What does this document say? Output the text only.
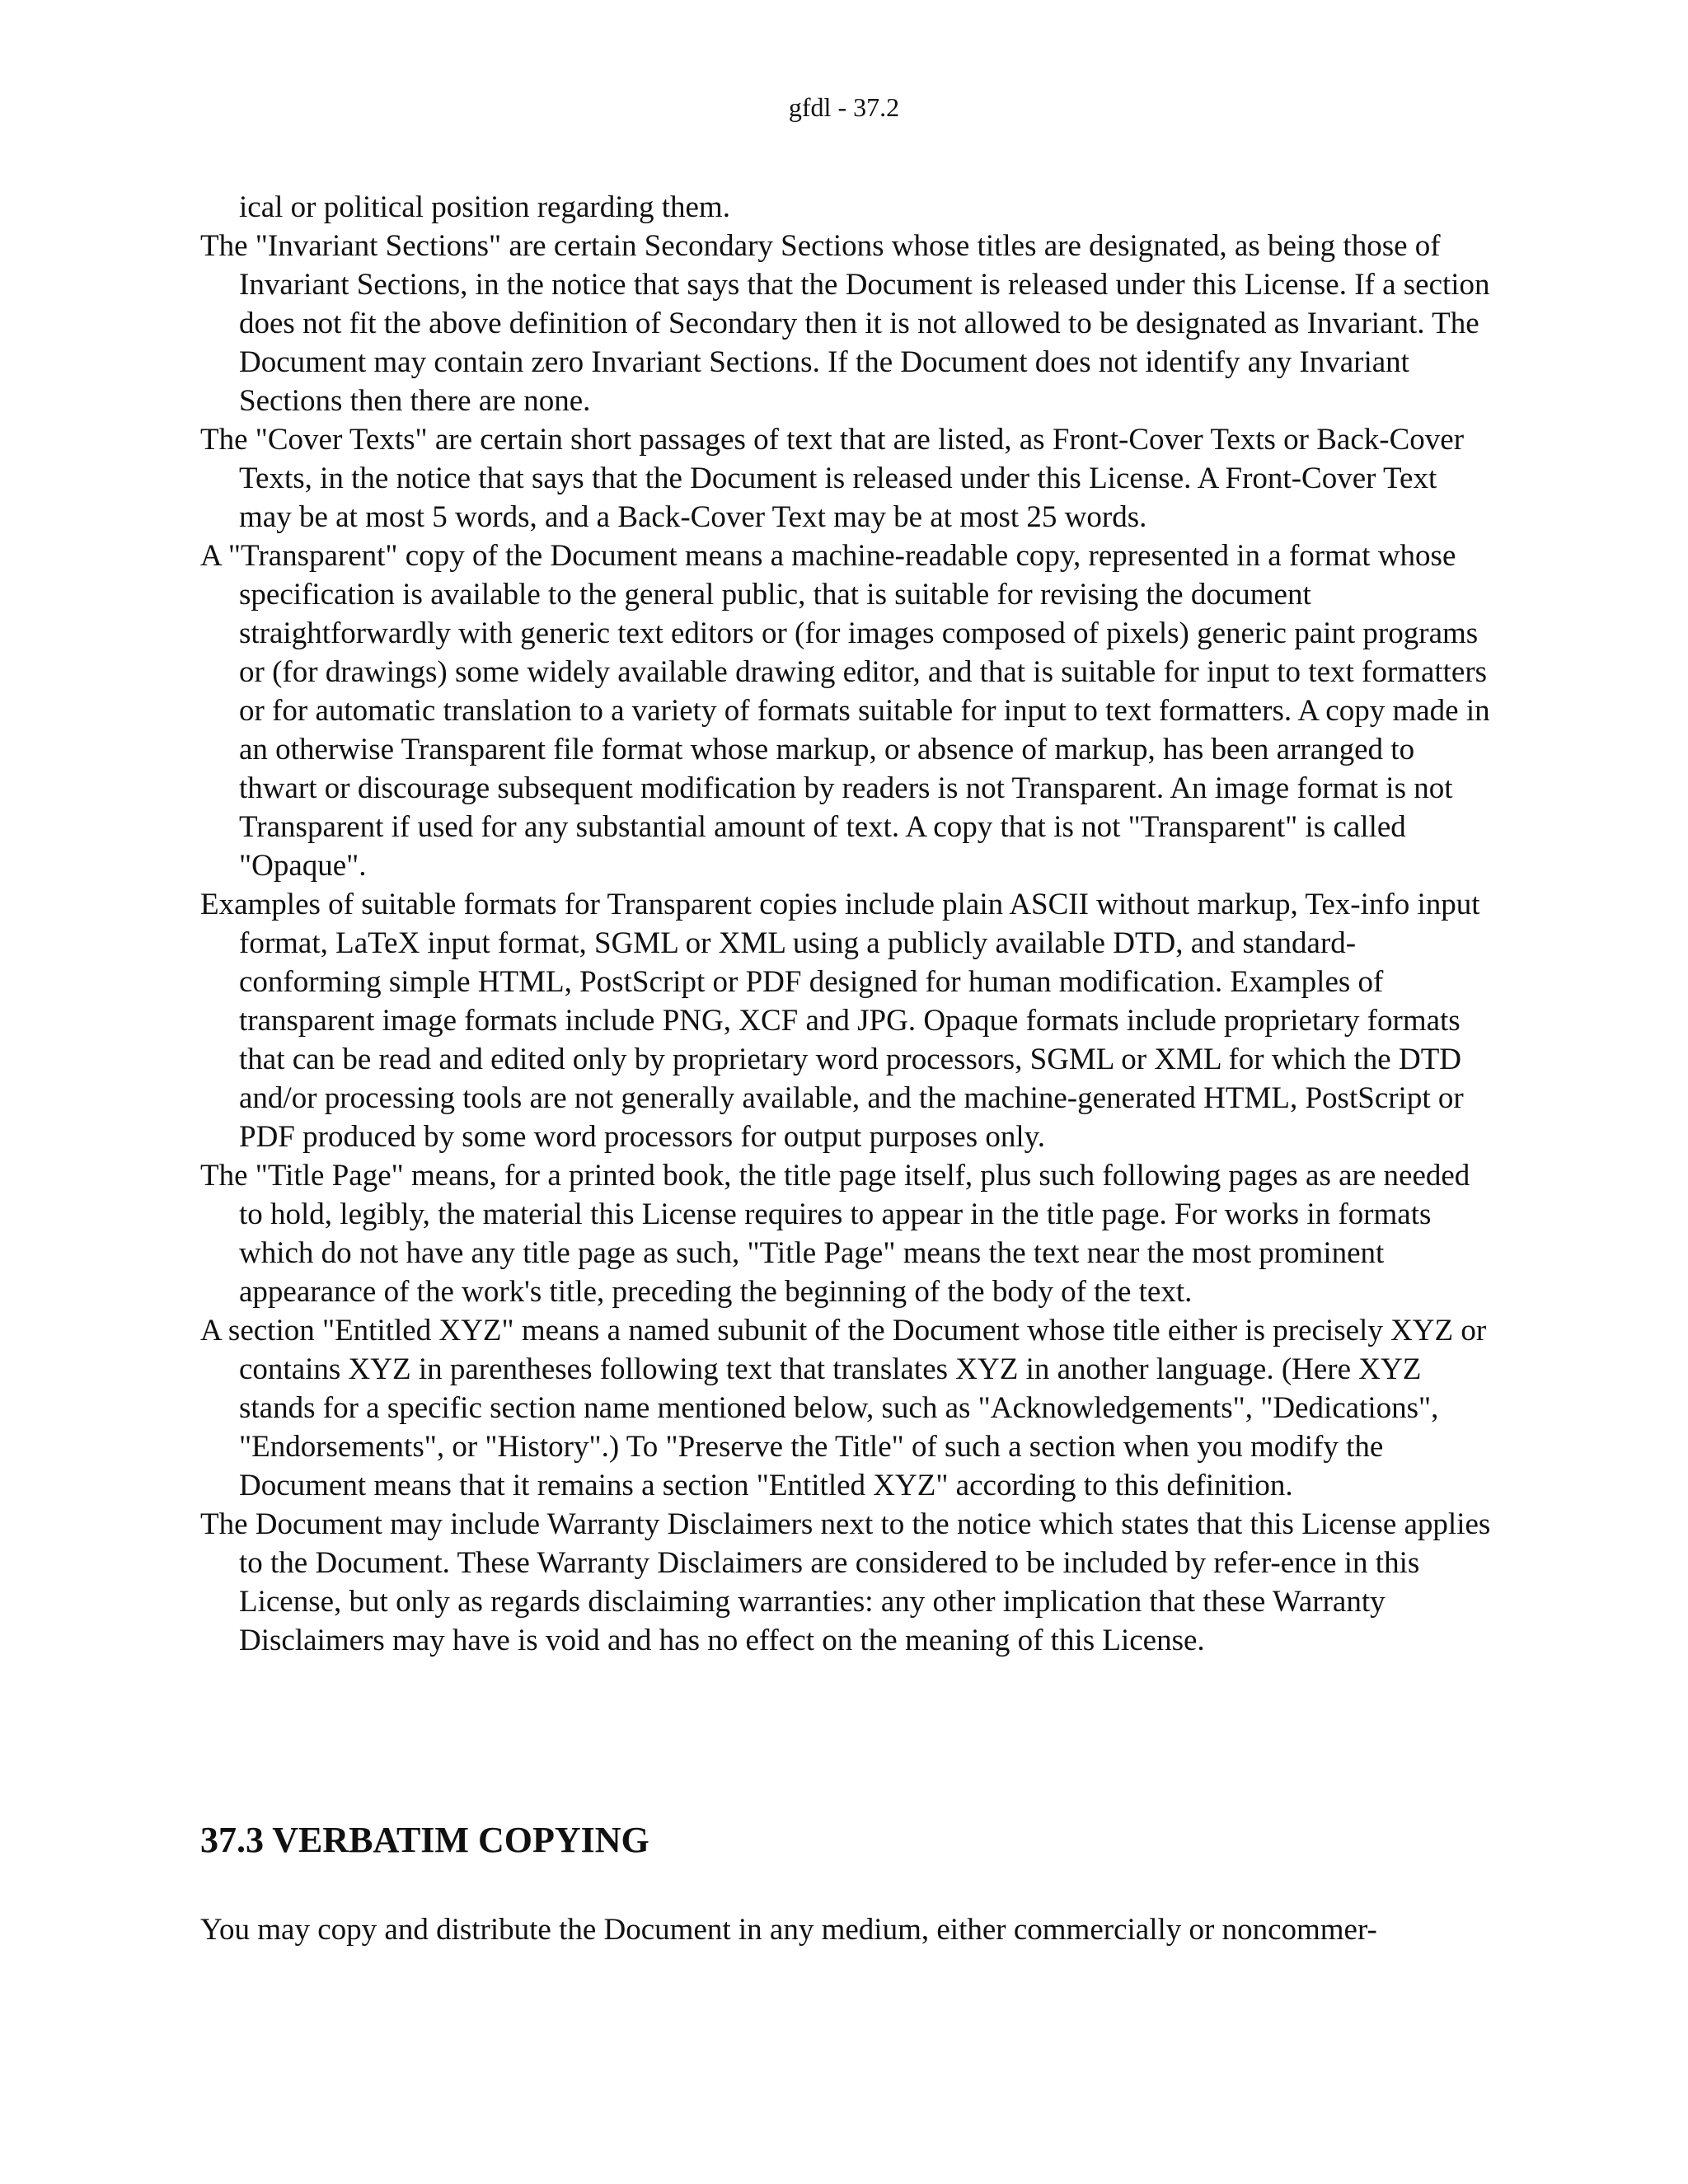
gfdl - 37.2

ical or political position regarding them.

The "Invariant Sections" are certain Secondary Sections whose titles are designated, as being those of Invariant Sections, in the notice that says that the Document is released under this License. If a section does not fit the above definition of Secondary then it is not allowed to be designated as Invariant. The Document may contain zero Invariant Sections. If the Document does not identify any Invariant Sections then there are none.

The "Cover Texts" are certain short passages of text that are listed, as Front-Cover Texts or Back-Cover Texts, in the notice that says that the Document is released under this License. A Front-Cover Text may be at most 5 words, and a Back-Cover Text may be at most 25 words.

A "Transparent" copy of the Document means a machine-readable copy, represented in a format whose specification is available to the general public, that is suitable for revising the document straightforwardly with generic text editors or (for images composed of pixels) generic paint programs or (for drawings) some widely available drawing editor, and that is suitable for input to text formatters or for automatic translation to a variety of formats suitable for input to text formatters. A copy made in an otherwise Transparent file format whose markup, or absence of markup, has been arranged to thwart or discourage subsequent modification by readers is not Transparent. An image format is not Transparent if used for any substantial amount of text. A copy that is not "Transparent" is called "Opaque".

Examples of suitable formats for Transparent copies include plain ASCII without markup, Tex-info input format, LaTeX input format, SGML or XML using a publicly available DTD, and standard-conforming simple HTML, PostScript or PDF designed for human modification. Examples of transparent image formats include PNG, XCF and JPG. Opaque formats include proprietary formats that can be read and edited only by proprietary word processors, SGML or XML for which the DTD and/or processing tools are not generally available, and the machine-generated HTML, PostScript or PDF produced by some word processors for output purposes only.

The "Title Page" means, for a printed book, the title page itself, plus such following pages as are needed to hold, legibly, the material this License requires to appear in the title page. For works in formats which do not have any title page as such, "Title Page" means the text near the most prominent appearance of the work's title, preceding the beginning of the body of the text.

A section "Entitled XYZ" means a named subunit of the Document whose title either is precisely XYZ or contains XYZ in parentheses following text that translates XYZ in another language. (Here XYZ stands for a specific section name mentioned below, such as "Acknowledgements", "Dedications", "Endorsements", or "History".) To "Preserve the Title" of such a section when you modify the Document means that it remains a section "Entitled XYZ" according to this definition.

The Document may include Warranty Disclaimers next to the notice which states that this License applies to the Document. These Warranty Disclaimers are considered to be included by refer-ence in this License, but only as regards disclaiming warranties: any other implication that these Warranty Disclaimers may have is void and has no effect on the meaning of this License.

37.3 VERBATIM COPYING

You may copy and distribute the Document in any medium, either commercially or noncommer-
